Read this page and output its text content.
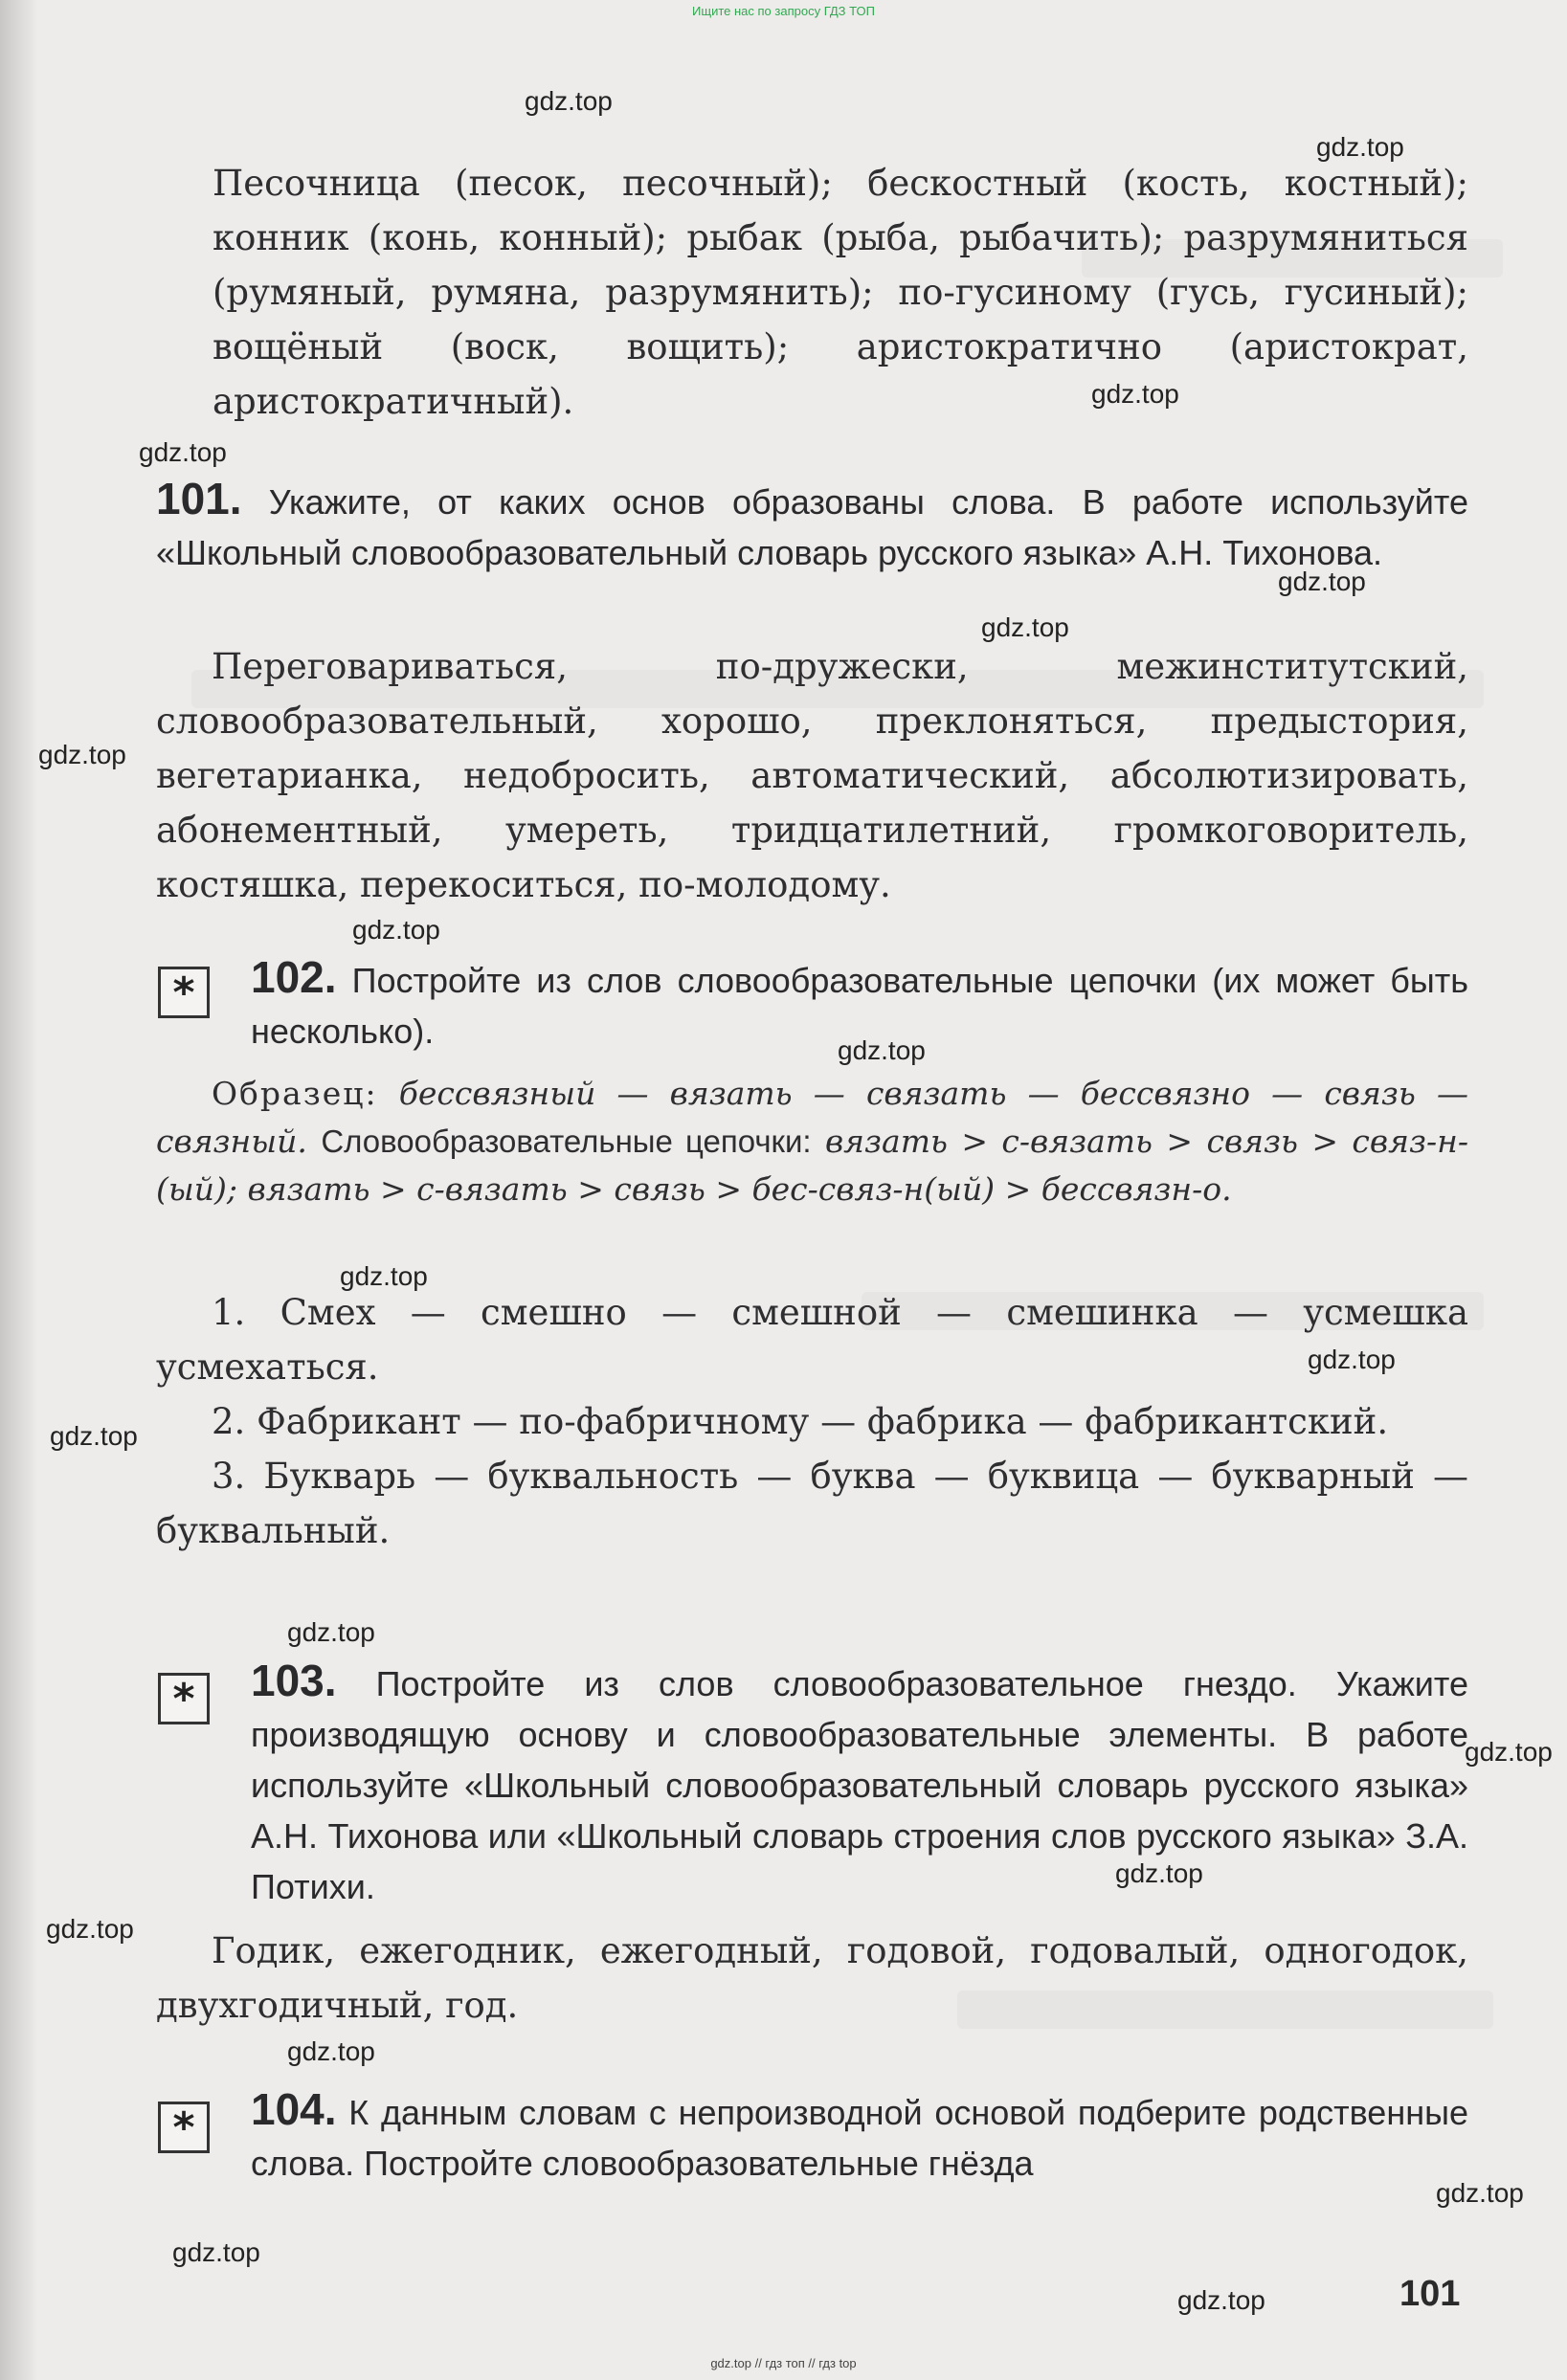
Ищите нас по запросу ГДЗ ТОП
gdz.top
gdz.top
gdz.top
gdz.top
gdz.top
gdz.top
gdz.top
gdz.top
gdz.top
gdz.top
gdz.top
gdz.top
gdz.top
gdz.top
gdz.top
gdz.top
gdz.top
gdz.top
gdz.top
gdz.top
Песочница (песок, песочный); бескостный (кость, костный); конник (конь, конный); рыбак (рыба, рыбачить); разрумяниться (румяный, румяна, разрумянить); по-гусиному (гусь, гусиный); вощёный (воск, вощить); аристократично (аристократ, аристократичный).
101. Укажите, от каких основ образованы слова. В работе используйте «Школьный словообразовательный словарь русского языка» А.Н. Тихонова.
Переговариваться, по-дружески, межинститутский, словообразовательный, хорошо, преклоняться, предыстория, вегетарианка, недобросить, автоматический, абсолютизировать, абонементный, умереть, тридцатилетний, громкоговоритель, костяшка, перекоситься, по-молодому.
*	102. Постройте из слов словообразовательные цепочки (их может быть несколько).
Образец: бессвязный — вязать — связать — бессвязно — связь — связный. Словообразовательные цепочки: вязать > с-вязать > связь > связ-н-(ый); вязать > с-вязать > связь > бес-связ-н(ый) > бессвязн-о.
1. Смех — смешно — смешной — смешинка — усмешка усмехаться.
2. Фабрикант — по-фабричному — фабрика — фабрикантский.
3. Букварь — буквальность — буква — буквица — букварный — буквальный.
*	103. Постройте из слов словообразовательное гнездо. Укажите производящую основу и словообразовательные элементы. В работе используйте «Школьный словообразовательный словарь русского языка» А.Н. Тихонова или «Школьный словарь строения слов русского языка» З.А. Потихи.
Годик, ежегодник, ежегодный, годовой, годовалый, одногодок, двухгодичный, год.
*	104. К данным словам с непроизводной основой подберите родственные слова. Постройте словообразовательные гнёзда
101
gdz.top // гдз топ // гдз top
